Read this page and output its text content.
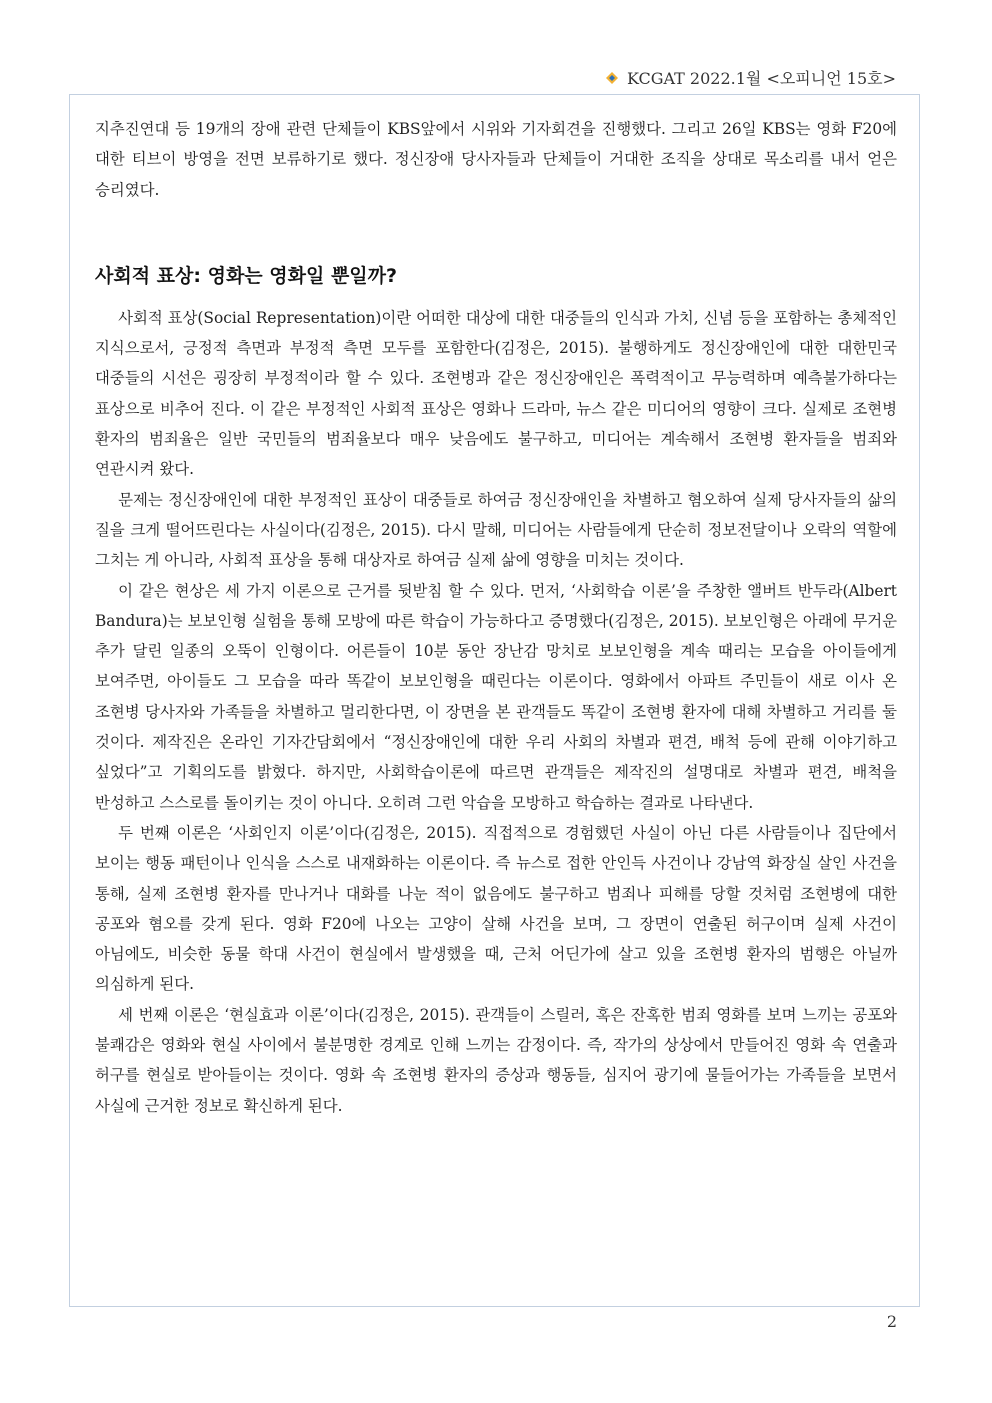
KCGAT 2022.1월 <오피니언 15호>

지추진연대 등 19개의 장애 관련 단체들이 KBS앞에서 시위와 기자회견을 진행했다. 그리고 26일 KBS는 영화 F20에 대한 티브이 방영을 전면 보류하기로 했다. 정신장애 당사자들과 단체들이 거대한 조직을 상대로 목소리를 내서 얻은 승리였다.

사회적 표상: 영화는 영화일 뿐일까?

사회적 표상(Social Representation)이란 어떠한 대상에 대한 대중들의 인식과 가치, 신념 등을 포함하는 총체적인 지식으로서, 긍정적 측면과 부정적 측면 모두를 포함한다(김정은, 2015). 불행하게도 정신장애인에 대한 대한민국 대중들의 시선은 굉장히 부정적이라 할 수 있다. 조현병과 같은 정신장애인은 폭력적이고 무능력하며 예측불가하다는 표상으로 비추어 진다. 이 같은 부정적인 사회적 표상은 영화나 드라마, 뉴스 같은 미디어의 영향이 크다. 실제로 조현병 환자의 범죄율은 일반 국민들의 범죄율보다 매우 낮음에도 불구하고, 미디어는 계속해서 조현병 환자들을 범죄와 연관시켜 왔다.

문제는 정신장애인에 대한 부정적인 표상이 대중들로 하여금 정신장애인을 차별하고 혐오하여 실제 당사자들의 삶의 질을 크게 떨어뜨린다는 사실이다(김정은, 2015). 다시 말해, 미디어는 사람들에게 단순히 정보전달이나 오락의 역할에 그치는 게 아니라, 사회적 표상을 통해 대상자로 하여금 실제 삶에 영향을 미치는 것이다.

이 같은 현상은 세 가지 이론으로 근거를 뒷받침 할 수 있다. 먼저, ‘사회학습 이론’을 주창한 앨버트 반두라(Albert Bandura)는 보보인형 실험을 통해 모방에 따른 학습이 가능하다고 증명했다(김정은, 2015). 보보인형은 아래에 무거운 추가 달린 일종의 오뚝이 인형이다. 어른들이 10분 동안 장난감 망치로 보보인형을 계속 때리는 모습을 아이들에게 보여주면, 아이들도 그 모습을 따라 똑같이 보보인형을 때린다는 이론이다. 영화에서 아파트 주민들이 새로 이사 온 조현병 당사자와 가족들을 차별하고 멀리한다면, 이 장면을 본 관객들도 똑같이 조현병 환자에 대해 차별하고 거리를 둘 것이다. 제작진은 온라인 기자간담회에서 “정신장애인에 대한 우리 사회의 차별과 편견, 배척 등에 관해 이야기하고 싶었다”고 기획의도를 밝혔다. 하지만, 사회학습이론에 따르면 관객들은 제작진의 설명대로 차별과 편견, 배척을 반성하고 스스로를 돌이키는 것이 아니다. 오히려 그런 악습을 모방하고 학습하는 결과로 나타낸다.

두 번째 이론은 ‘사회인지 이론’이다(김정은, 2015). 직접적으로 경험했던 사실이 아닌 다른 사람들이나 집단에서 보이는 행동 패턴이나 인식을 스스로 내재화하는 이론이다. 즉 뉴스로 접한 안인득 사건이나 강남역 화장실 살인 사건을 통해, 실제 조현병 환자를 만나거나 대화를 나눈 적이 없음에도 불구하고 범죄나 피해를 당할 것처럼 조현병에 대한 공포와 혐오를 갖게 된다. 영화 F20에 나오는 고양이 살해 사건을 보며, 그 장면이 연출된 허구이며 실제 사건이 아님에도, 비슷한 동물 학대 사건이 현실에서 발생했을 때, 근처 어딘가에 살고 있을 조현병 환자의 범행은 아닐까 의심하게 된다.

세 번째 이론은 ‘현실효과 이론’이다(김정은, 2015). 관객들이 스릴러, 혹은 잔혹한 범죄 영화를 보며 느끼는 공포와 불쾌감은 영화와 현실 사이에서 불분명한 경계로 인해 느끼는 감정이다. 즉, 작가의 상상에서 만들어진 영화 속 연출과 허구를 현실로 받아들이는 것이다. 영화 속 조현병 환자의 증상과 행동들, 심지어 광기에 물들어가는 가족들을 보면서 사실에 근거한 정보로 확신하게 된다.

2
